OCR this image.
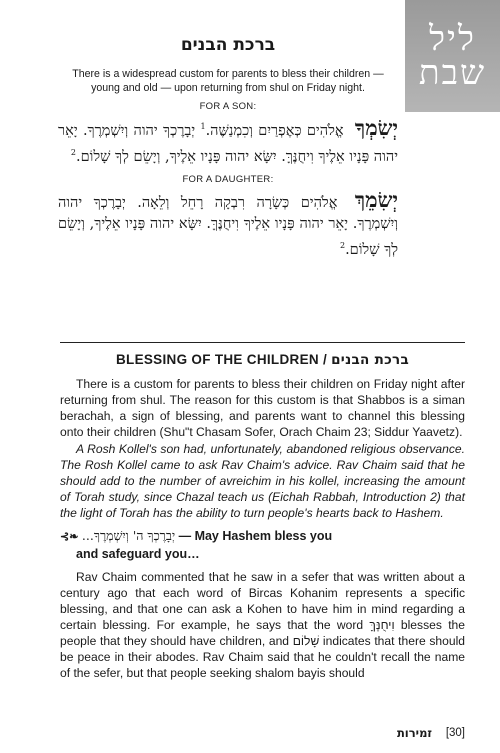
ליל
שבת
ברכת הבנים

There is a widespread custom for parents to bless their children — young and old — upon returning from shul on Friday night.

FOR A SON:
יְשִׂמְךָ אֱלֹהִים כְּאֶפְרַיִם וְכִמְנַשֶּׁה.$^1$ יְבָרֶכְךָ יהוה וְיִשְׁמְרֶךָ. יָאֵר יהוה פָּנָיו אֵלֶיךָ וִיחֻנֶּךָּ. יִשָּׂא יהוה פָּנָיו אֵלֶיךָ, וְיָשֵׂם לְךָ שָׁלוֹם.$^2$
FOR A DAUGHTER:
יְשִׂמֵךְ אֱלֹהִים כְּשָׂרָה רִבְקָה רָחֵל וְלֵאָה. יְבָרֶכְךָ יהוה וְיִשְׁמְרֶךָ. יָאֵר יהוה פָּנָיו אֵלֶיךָ וִיחֻנֶּךָּ. יִשָּׂא יהוה פָּנָיו אֵלֶיךָ, וְיָשֵׂם לְךָ שָׁלוֹם.$^2$
BLESSING OF THE CHILDREN / ברכת הבנים

There is a custom for parents to bless their children on Friday night after returning from shul. The reason for this custom is that Shabbos is a siman berachah, a sign of blessing, and parents want to channel this blessing onto their children (Shu"t Chasam Sofer, Orach Chaim 23; Siddur Yaavetz).

A Rosh Kollel's son had, unfortunately, abandoned religious observance. The Rosh Kollel came to ask Rav Chaim's advice. Rav Chaim said that he should add to the number of avreichim in his kollel, increasing the amount of Torah study, since Chazal teach us (Eichah Rabbah, Introduction 2) that the light of Torah has the ability to turn people's hearts back to Hashem.

⊰❧ יְבָרֶכְךָ ה' וְיִשְׁמְרֶךָ... — May Hashem bless you
and safeguard you…

Rav Chaim commented that he saw in a sefer that was written about a century ago that each word of Bircas Kohanim represents a specific blessing, and that one can ask a Kohen to have him in mind regarding a certain blessing. For example, he says that the word וִיחֻנֶּךָּ blesses the people that they should have children, and שָׁלוֹם indicates that there should be peace in their abodes. Rav Chaim said that he couldn't recall the name of the sefer, but that people seeking shalom bayis should

זמירות [30]
